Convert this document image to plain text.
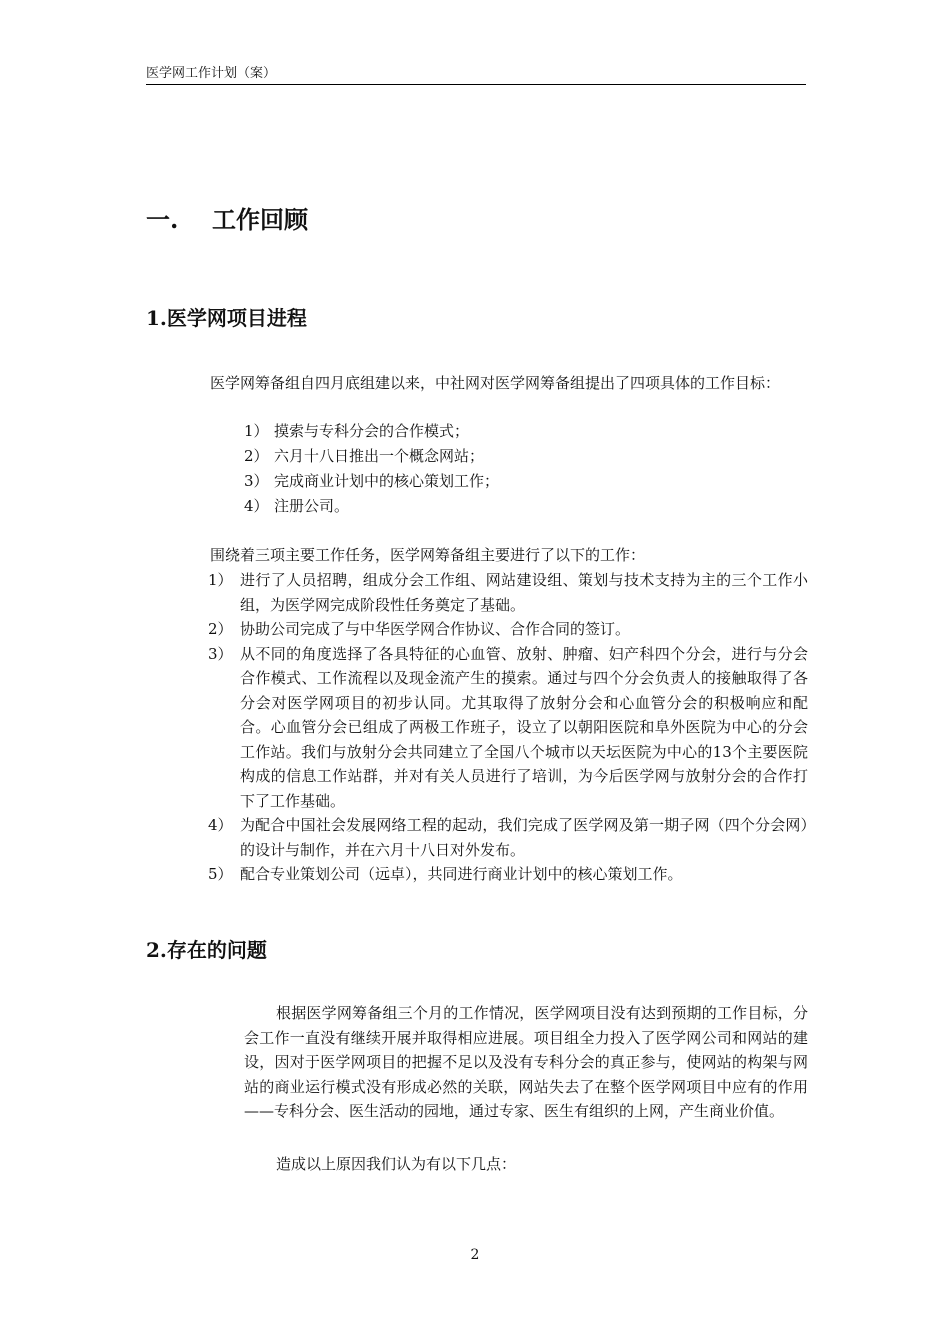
医学网工作计划（案）
一.	工作回顾
1.医学网项目进程

医学网筹备组自四月底组建以来，中社网对医学网筹备组提出了四项具体的工作目标：

1） 摸索与专科分会的合作模式；
2） 六月十八日推出一个概念网站；
3） 完成商业计划中的核心策划工作；
4） 注册公司。

围绕着三项主要工作任务，医学网筹备组主要进行了以下的工作：

1） 进行了人员招聘，组成分会工作组、网站建设组、策划与技术支持为主的三个工作小组，为医学网完成阶段性任务奠定了基础。
2） 协助公司完成了与中华医学网合作协议、合作合同的签订。
3） 从不同的角度选择了各具特征的心血管、放射、肿瘤、妇产科四个分会，进行与分会合作模式、工作流程以及现金流产生的摸索。通过与四个分会负责人的接触取得了各分会对医学网项目的初步认同。尤其取得了放射分会和心血管分会的积极响应和配合。心血管分会已组成了两极工作班子，设立了以朝阳医院和阜外医院为中心的分会工作站。我们与放射分会共同建立了全国八个城市以天坛医院为中心的13个主要医院构成的信息工作站群，并对有关人员进行了培训，为今后医学网与放射分会的合作打下了工作基础。
4） 为配合中国社会发展网络工程的起动，我们完成了医学网及第一期子网（四个分会网）的设计与制作，并在六月十八日对外发布。
5） 配合专业策划公司（远卓），共同进行商业计划中的核心策划工作。
2.存在的问题

根据医学网筹备组三个月的工作情况，医学网项目没有达到预期的工作目标，分会工作一直没有继续开展并取得相应进展。项目组全力投入了医学网公司和网站的建设，因对于医学网项目的把握不足以及没有专科分会的真正参与，使网站的构架与网站的商业运行模式没有形成必然的关联，网站失去了在整个医学网项目中应有的作用——专科分会、医生活动的园地，通过专家、医生有组织的上网，产生商业价值。

造成以上原因我们认为有以下几点：

2
